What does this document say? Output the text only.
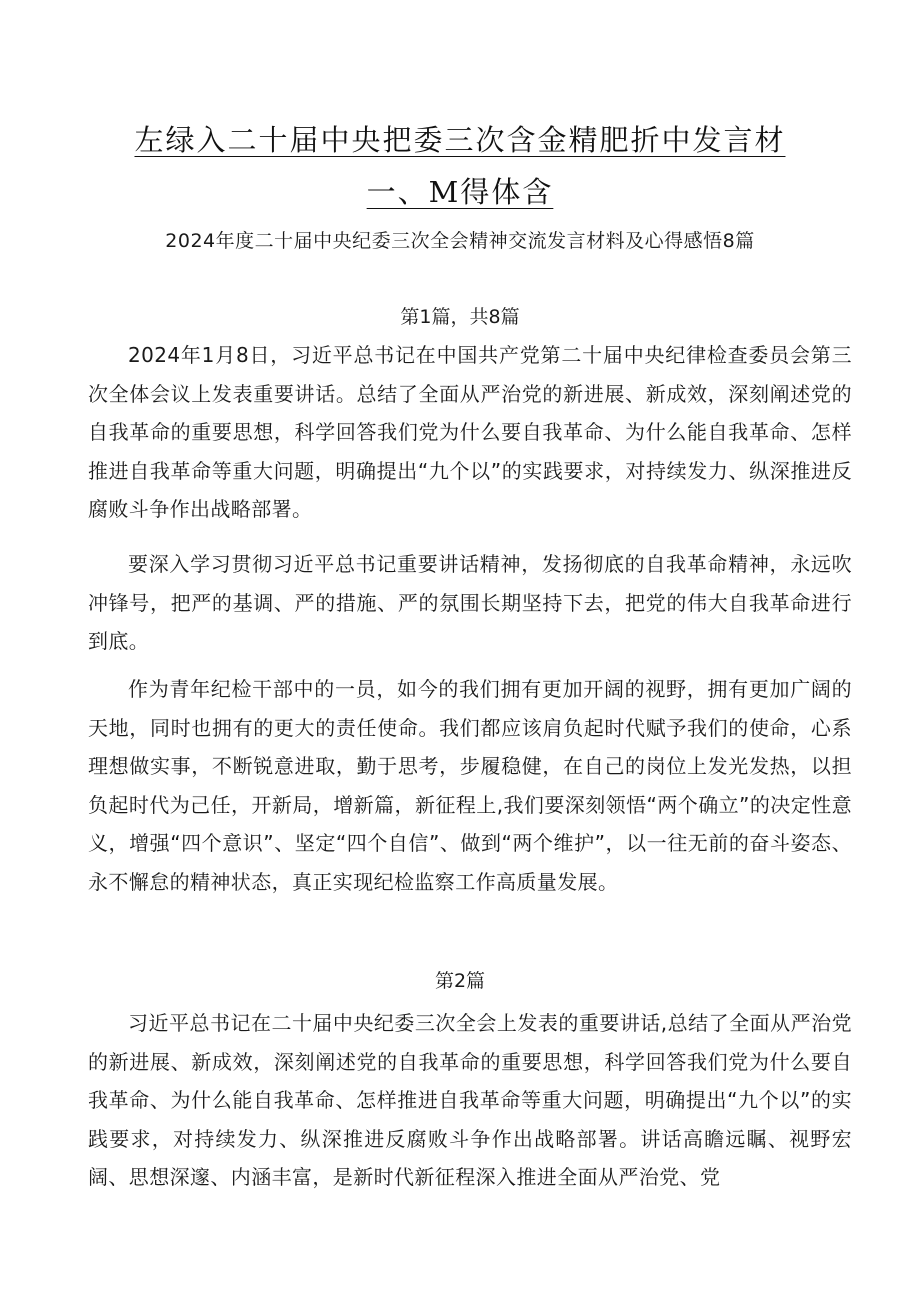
左绿入二十届中央把委三次含金精肥折中发言材
一、M得体含
2024年度二十届中央纪委三次全会精神交流发言材料及心得感悟8篇
第1篇，共8篇

2024年1月8日，习近平总书记在中国共产党第二十届中央纪律检查委员会第三次全体会议上发表重要讲话。总结了全面从严治党的新进展、新成效，深刻阐述党的自我革命的重要思想，科学回答我们党为什么要自我革命、为什么能自我革命、怎样推进自我革命等重大问题，明确提出“九个以”的实践要求，对持续发力、纵深推进反腐败斗争作出战略部署。

要深入学习贯彻习近平总书记重要讲话精神，发扬彻底的自我革命精神，永远吹冲锋号，把严的基调、严的措施、严的氛围长期坚持下去，把党的伟大自我革命进行到底。

作为青年纪检干部中的一员，如今的我们拥有更加开阔的视野，拥有更加广阔的天地，同时也拥有的更大的责任使命。我们都应该肩负起时代赋予我们的使命，心系理想做实事，不断锐意进取，勤于思考，步履稳健，在自己的岗位上发光发热，以担负起时代为己任，开新局，增新篇，新征程上,我们要深刻领悟“两个确立”的决定性意义，增强“四个意识”、坚定“四个自信”、做到“两个维护”，以一往无前的奋斗姿态、永不懈怠的精神状态，真正实现纪检监察工作高质量发展。

第2篇

习近平总书记在二十届中央纪委三次全会上发表的重要讲话,总结了全面从严治党的新进展、新成效，深刻阐述党的自我革命的重要思想，科学回答我们党为什么要自我革命、为什么能自我革命、怎样推进自我革命等重大问题，明确提出“九个以”的实践要求，对持续发力、纵深推进反腐败斗争作出战略部署。讲话高瞻远瞩、视野宏阔、思想深邃、内涵丰富，是新时代新征程深入推进全面从严治党、党
